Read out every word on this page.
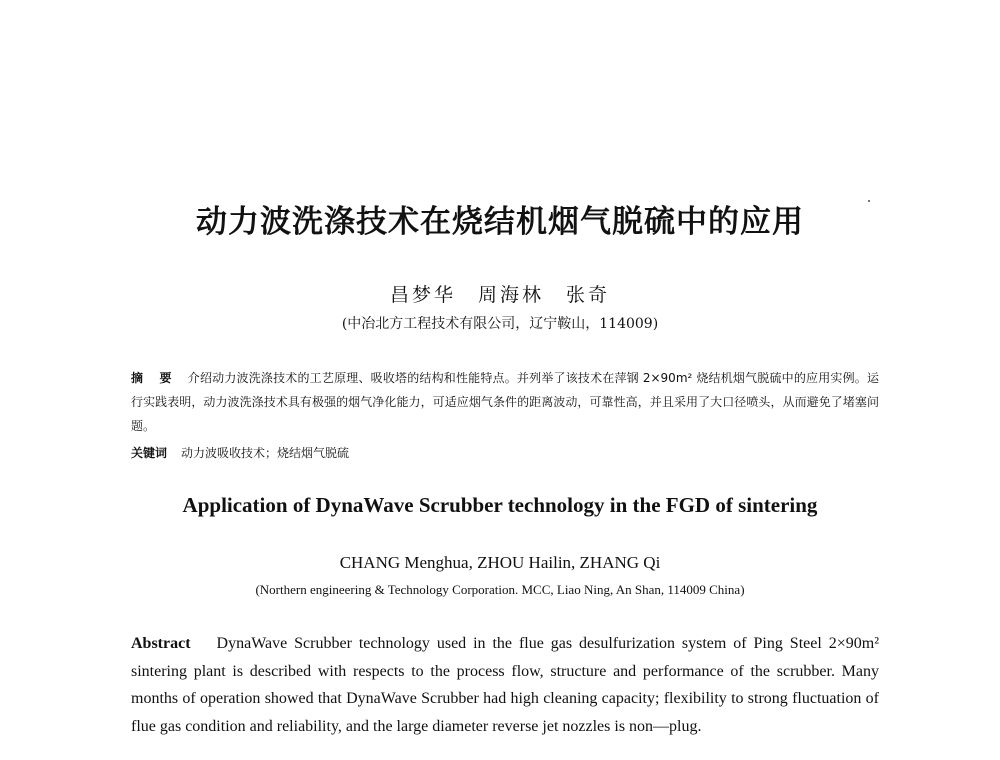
动力波洗涤技术在烧结机烟气脱硫中的应用
昌梦华　周海林　张奇
(中冶北方工程技术有限公司，辽宁鞍山，114009)
摘 要 介绍动力波洗涤技术的工艺原理、吸收塔的结构和性能特点。并列举了该技术在萍钢 2×90m² 烧结机烟气脱硫中的应用实例。运行实践表明，动力波洗涤技术具有极强的烟气净化能力，可适应烟气条件的距离波动，可靠性高，并且采用了大口径喷头，从而避免了堵塞问题。
关键词 动力波吸收技术；烧结烟气脱硫
Application of DynaWave Scrubber technology in the FGD of sintering
CHANG Menghua, ZHOU Hailin, ZHANG Qi
(Northern engineering & Technology Corporation. MCC, Liao Ning, An Shan, 114009 China)
Abstract DynaWave Scrubber technology used in the flue gas desulfurization system of Ping Steel 2×90m² sintering plant is described with respects to the process flow, structure and performance of the scrubber. Many months of operation showed that DynaWave Scrubber had high cleaning capacity; flexibility to strong fluctuation of flue gas condition and reliability, and the large diameter reverse jet nozzles is non—plug.
